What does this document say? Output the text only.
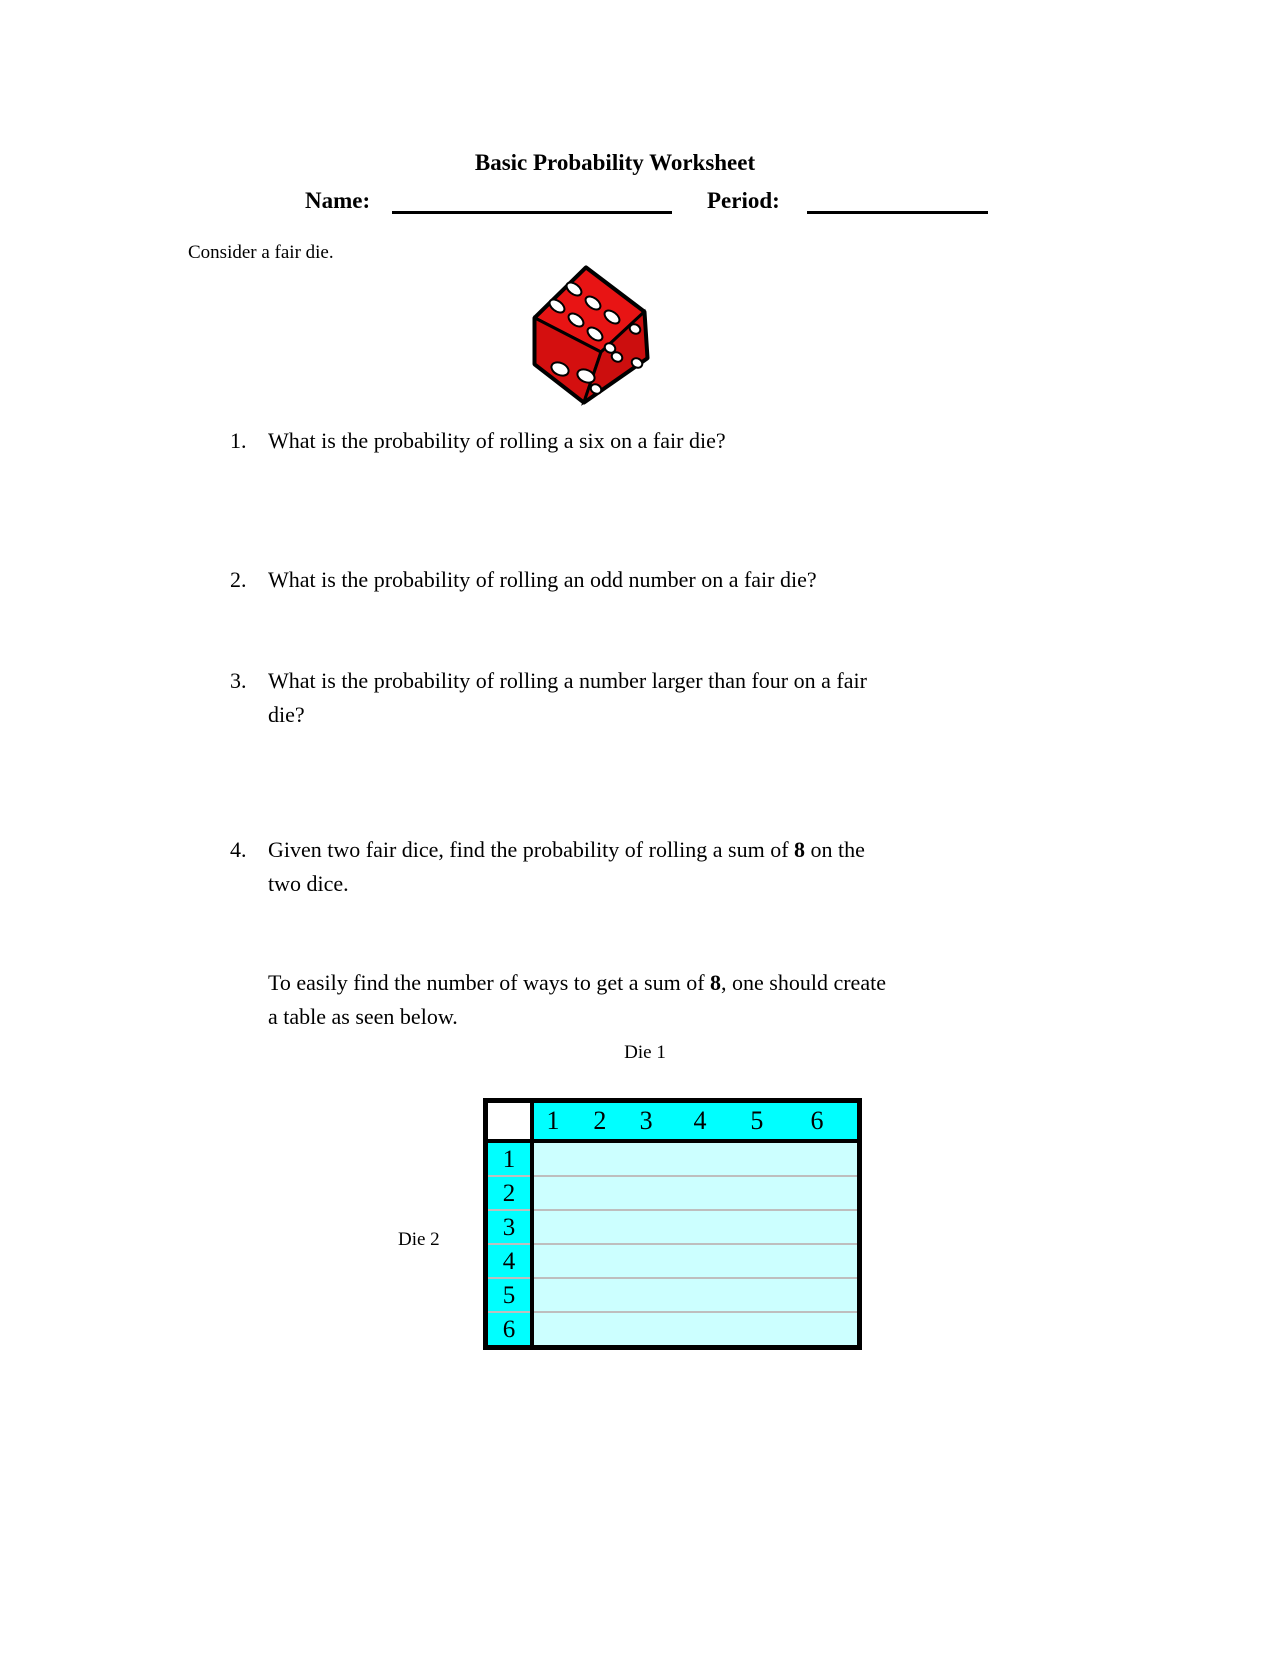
Basic Probability Worksheet
Name:	Period:
Consider a fair die.
1. What is the probability of rolling a six on a fair die?
2. What is the probability of rolling an odd number on a fair die?
3. What is the probability of rolling a number larger than four on a fair
die?
4. Given two fair dice, find the probability of rolling a sum of 8 on the
two dice.
To easily find the number of ways to get a sum of 8, one should create
a table as seen below.
Die 1
Die 2
1 2 3 4 5 6
1
2
3
4
5
6
